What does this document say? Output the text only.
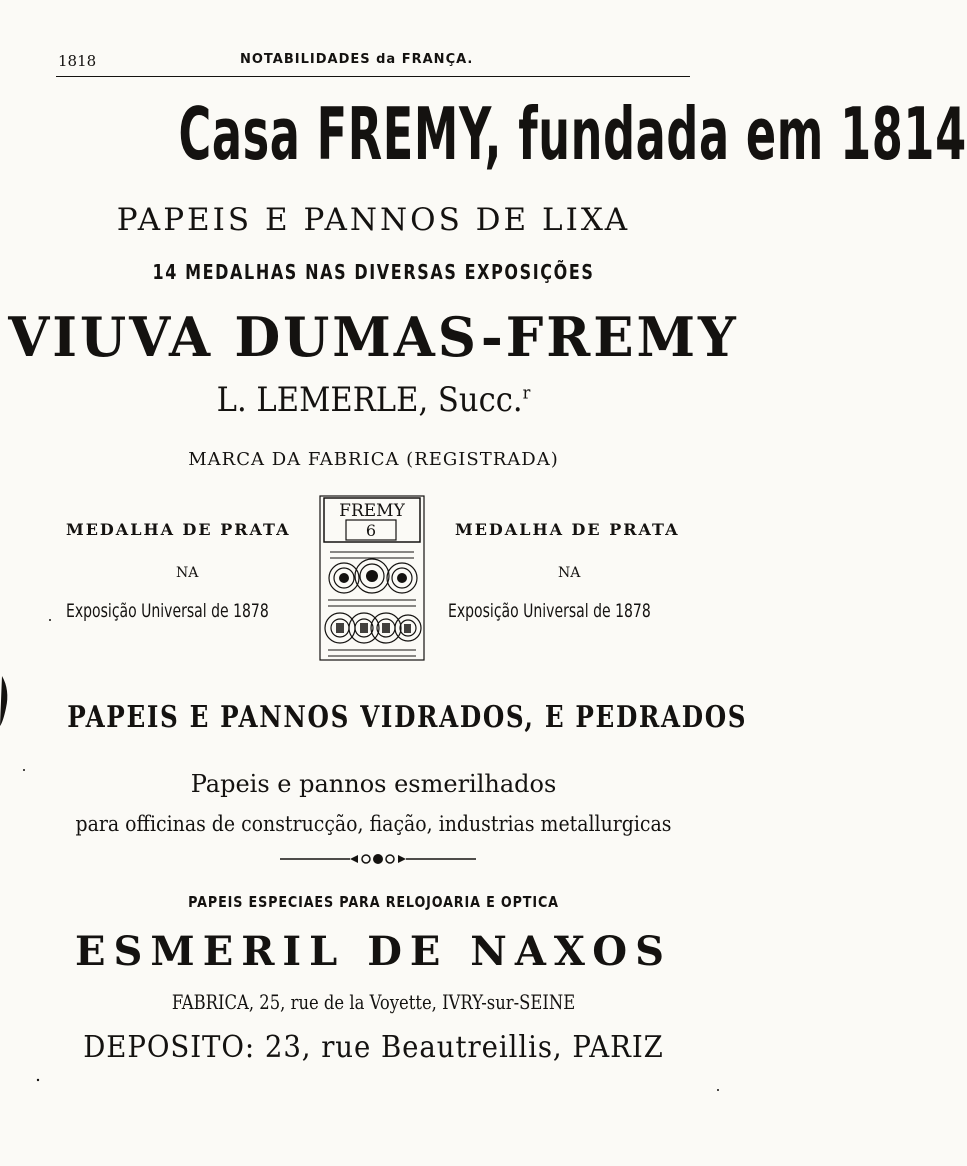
1818	NOTABILIDADES da FRANÇA.
Casa FREMY, fundada em 1814
PAPEIS E PANNOS DE LIXA
14 MEDALHAS NAS DIVERSAS EXPOSIÇÕES
VIUVA DUMAS-FREMY
L. LEMERLE, Succ.$^r$
MARCA DA FABRICA (REGISTRADA)
MEDALHA DE PRATA
NA
Exposição Universal de 1878
MEDALHA DE PRATA
NA
Exposição Universal de 1878
FREMY
6
PAPEIS E PANNOS VIDRADOS, E PEDRADOS
Papeis e pannos esmerilhados
para officinas de construcção, fiação, industrias metallurgicas
PAPEIS ESPECIAES PARA RELOJOARIA E OPTICA
ESMERIL DE NAXOS
FABRICA, 25, rue de la Voyette, IVRY-sur-SEINE
DEPOSITO: 23, rue Beautreillis, PARIZ
